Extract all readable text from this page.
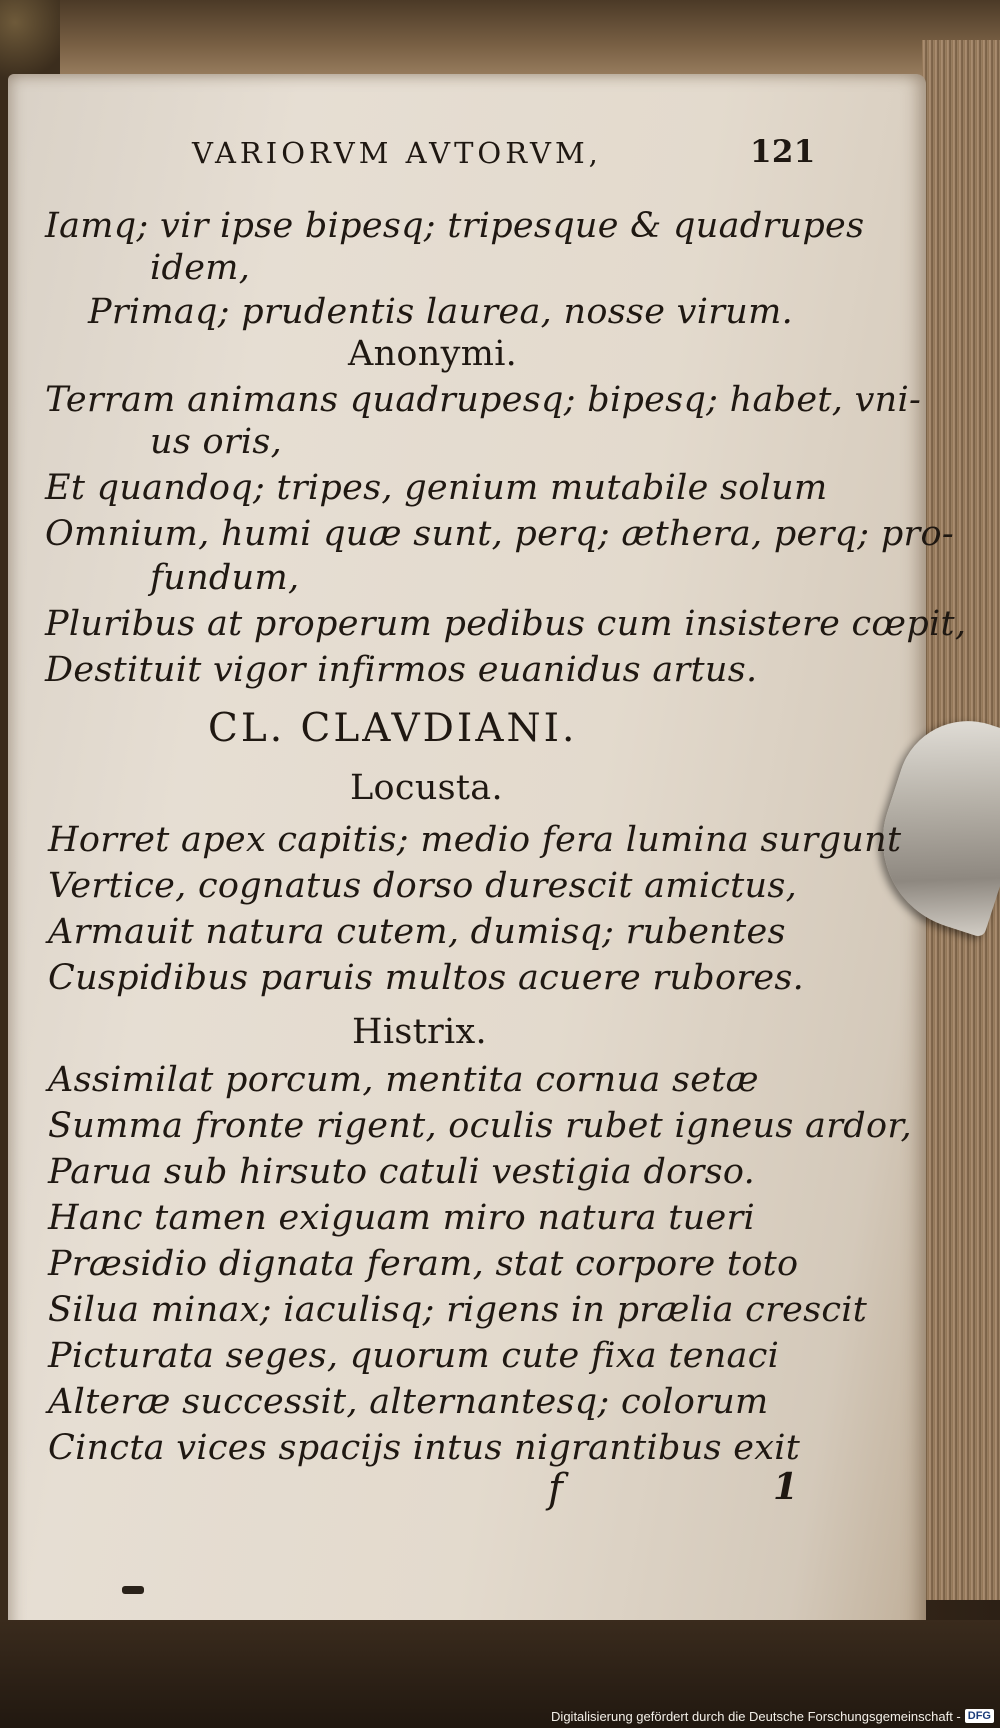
VARIORVM AVTORVM,	121
Iamq; vir ipse bipesq; tripesque & quadrupes
idem,
Primaq; prudentis laurea, nosse virum.
Anonymi.
Terram animans quadrupesq; bipesq; habet, vni-
us oris,
Et quandoq; tripes, genium mutabile solum
Omnium, humi quæ sunt, perq; æthera, perq; pro-
fundum,
Pluribus at properum pedibus cum insistere cœpit,
Destituit vigor infirmos euanidus artus.
CL. CLAVDIANI.
Locusta.
Horret apex capitis; medio fera lumina surgunt
Vertice, cognatus dorso durescit amictus,
Armauit natura cutem, dumisq; rubentes
Cuspidibus paruis multos acuere rubores.
Histrix.
Assimilat porcum, mentita cornua setæ
Summa fronte rigent, oculis rubet igneus ardor,
Parua sub hirsuto catuli vestigia dorso.
Hanc tamen exiguam miro natura tueri
Præsidio dignata feram, stat corpore toto
Silua minax; iaculisq; rigens in prælia crescit
Picturata seges, quorum cute fixa tenaci
Alteræ successit, alternantesq; colorum
Cincta vices spacijs intus nigrantibus exit
f	1
Digitalisierung gefördert durch die Deutsche Forschungsgemeinschaft - DFG
